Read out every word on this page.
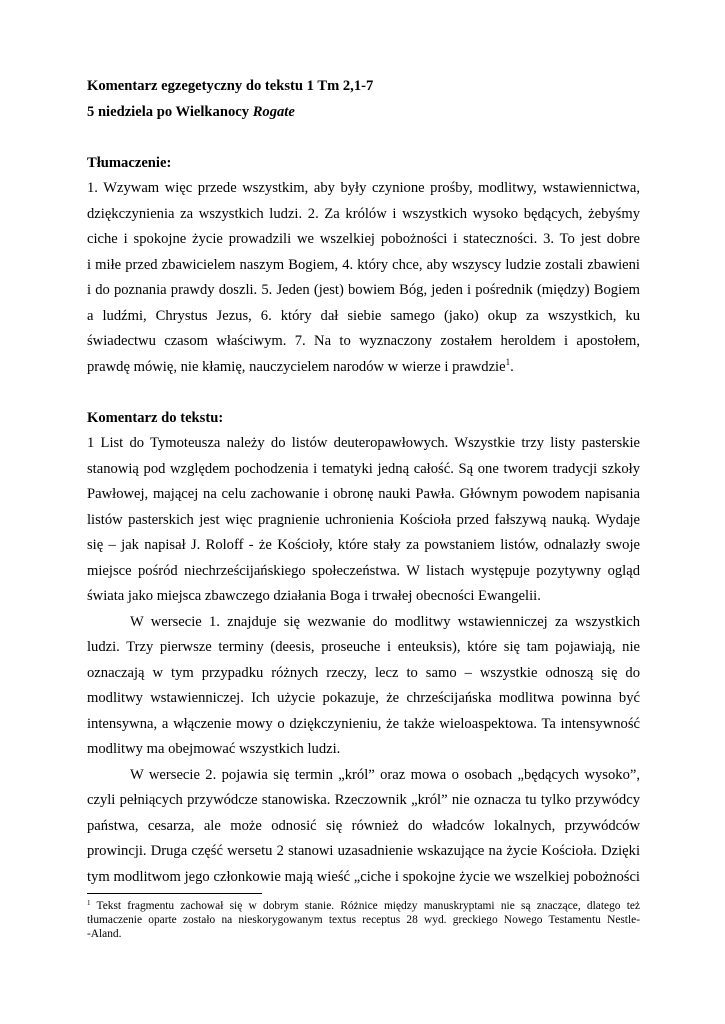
Komentarz egzegetyczny do tekstu 1 Tm 2,1-7

5 niedziela po Wielkanocy Rogate

Tłumaczenie:

1. Wzywam więc przede wszystkim, aby były czynione prośby, modlitwy, wstawiennictwa,

dziękczynienia za wszystkich ludzi. 2. Za królów i wszystkich wysoko będących, żebyśmy

ciche i spokojne życie prowadzili we wszelkiej pobożności i stateczności. 3. To jest dobre

i miłe przed zbawicielem naszym Bogiem, 4. który chce, aby wszyscy ludzie zostali zbawieni

i do poznania prawdy doszli. 5. Jeden (jest) bowiem Bóg, jeden i pośrednik (między) Bogiem

a ludźmi, Chrystus Jezus, 6. który dał siebie samego (jako) okup za wszystkich, ku

świadectwu czasom właściwym. 7. Na to wyznaczony zostałem heroldem i apostołem,

prawdę mówię, nie kłamię, nauczycielem narodów w wierze i prawdzie$^1$.

Komentarz do tekstu:

1 List do Tymoteusza należy do listów deuteropawłowych. Wszystkie trzy listy pasterskie

stanowią pod względem pochodzenia i tematyki jedną całość. Są one tworem tradycji szkoły

Pawłowej, mającej na celu zachowanie i obronę nauki Pawła. Głównym powodem napisania

listów pasterskich jest więc pragnienie uchronienia Kościoła przed fałszywą nauką. Wydaje

się – jak napisał J. Roloff - że Kościoły, które stały za powstaniem listów, odnalazły swoje

miejsce pośród niechrześcijańskiego społeczeństwa. W listach występuje pozytywny ogląd

świata jako miejsca zbawczego działania Boga i trwałej obecności Ewangelii.

W wersecie 1. znajduje się wezwanie do modlitwy wstawienniczej za wszystkich

ludzi. Trzy pierwsze terminy (deesis, proseuche i enteuksis), które się tam pojawiają, nie

oznaczają w tym przypadku różnych rzeczy, lecz to samo – wszystkie odnoszą się do

modlitwy wstawienniczej. Ich użycie pokazuje, że chrześcijańska modlitwa powinna być

intensywna, a włączenie mowy o dziękczynieniu, że także wieloaspektowa. Ta intensywność

modlitwy ma obejmować wszystkich ludzi.

W wersecie 2. pojawia się termin „król” oraz mowa o osobach „będących wysoko”,

czyli pełniących przywódcze stanowiska. Rzeczownik „król” nie oznacza tu tylko przywódcy

państwa, cesarza, ale może odnosić się również do władców lokalnych, przywódców

prowincji. Druga część wersetu 2 stanowi uzasadnienie wskazujące na życie Kościoła. Dzięki

tym modlitwom jego członkowie mają wieść „ciche i spokojne życie we wszelkiej pobożności

$^1$ Tekst fragmentu zachował się w dobrym stanie. Różnice między manuskryptami nie są znaczące, dlatego też
tłumaczenie oparte zostało na nieskorygowanym textus receptus 28 wyd. greckiego Nowego Testamentu Nestle-
-Aland.
